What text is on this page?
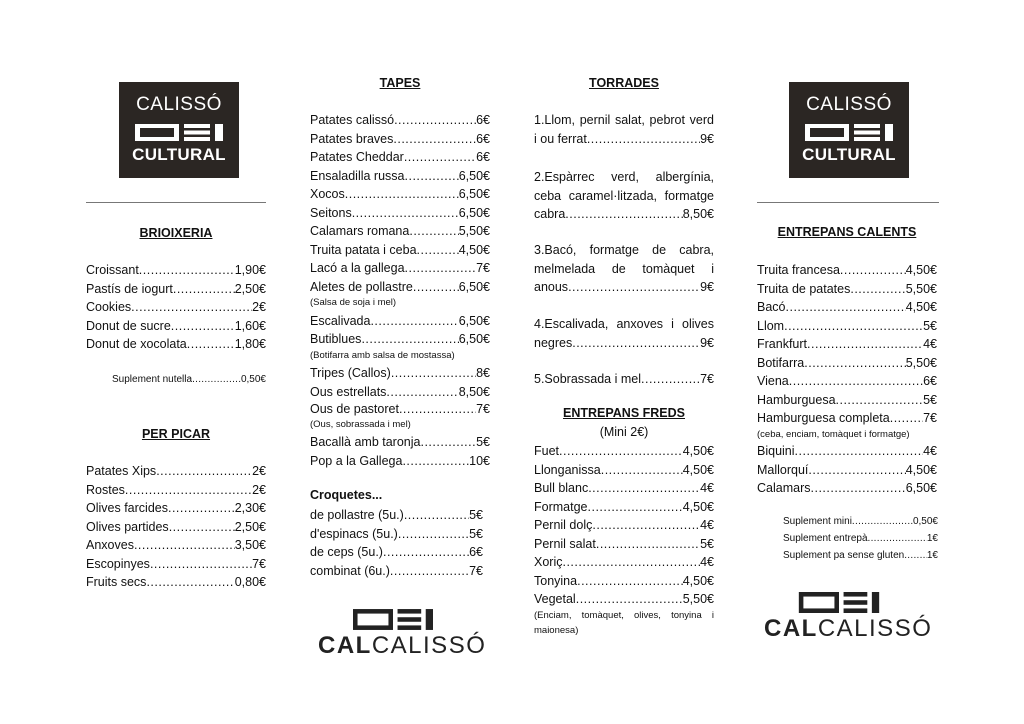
CALISSÓ
CULTURAL
BRIOIXERIA
Croissant .....	1,90€
Pastís de iogurt .....	2,50€
Cookies .....	2€
Donut de sucre .....	1,60€
Donut de xocolata .....	1,80€
Suplement nutella .....	0,50€
PER PICAR
Patates Xips .....	2€
Rostes .....	2€
Olives farcides .....	2,30€
Olives partides .....	2,50€
Anxoves .....	3,50€
Escopinyes .....	7€
Fruits secs .....	0,80€
TAPES
Patates calissó .....	6€
Patates braves .....	6€
Patates Cheddar .....	6€
Ensaladilla russa .....	6,50€
Xocos .....	6,50€
Seitons .....	6,50€
Calamars romana .....	5,50€
Truita patata i ceba .....	4,50€
Lacó a la gallega .....	7€
Aletes de pollastre .....	6,50€
Escalivada .....	6,50€
Butiblues .....	6,50€
Tripes (Callos) .....	8€
Ous estrellats .....	8,50€
Ous de pastoret .....	7€
Bacallà amb taronja .....	5€
Pop a la Gallega .....	10€
(Salsa de soja i mel)
(Botifarra amb salsa de mostassa)
(Ous, sobrassada i mel)
Croquetes...
de pollastre (5u.) .....	5€
d'espinacs (5u.) .....	5€
de ceps (5u.) .....	6€
combinat (6u.) .....	7€
CALCALISSÓ
TORRADES
1.Llom, pernil salat, pebrot verd
i ou ferrat .....	9€
2.Espàrrec verd, albergínia, ceba caramel·litzada, formatge
cabra .....	8,50€
3.Bacó, formatge de cabra, melmelada de tomàquet i
anous .....	9€
4.Escalivada, anxoves i olives
negres .....	9€
5.Sobrassada i mel .....	7€
ENTREPANS FREDS
(Mini 2€)
Fuet .....	4,50€
Llonganissa .....	4,50€
Bull blanc .....	4€
Formatge .....	4,50€
Pernil dolç .....	4€
Pernil salat .....	5€
Xoriç .....	4€
Tonyina .....	4,50€
Vegetal .....	5,50€
(Enciam, tomàquet, olives, tonyina i maionesa)
CALISSÓ
CULTURAL
ENTREPANS CALENTS
Truita francesa .....	4,50€
Truita de patates .....	5,50€
Bacó .....	4,50€
Llom .....	5€
Frankfurt .....	4€
Botifarra .....	5,50€
Viena .....	6€
Hamburguesa .....	5€
Hamburguesa completa .....	7€
Biquini .....	4€
Mallorquí .....	4,50€
Calamars .....	6,50€
(ceba, enciam, tomàquet i formatge)
Suplement mini .....	0,50€
Suplement entrepà .....	1€
Suplement pa sense gluten ..... 1€
CALCALISSÓ
